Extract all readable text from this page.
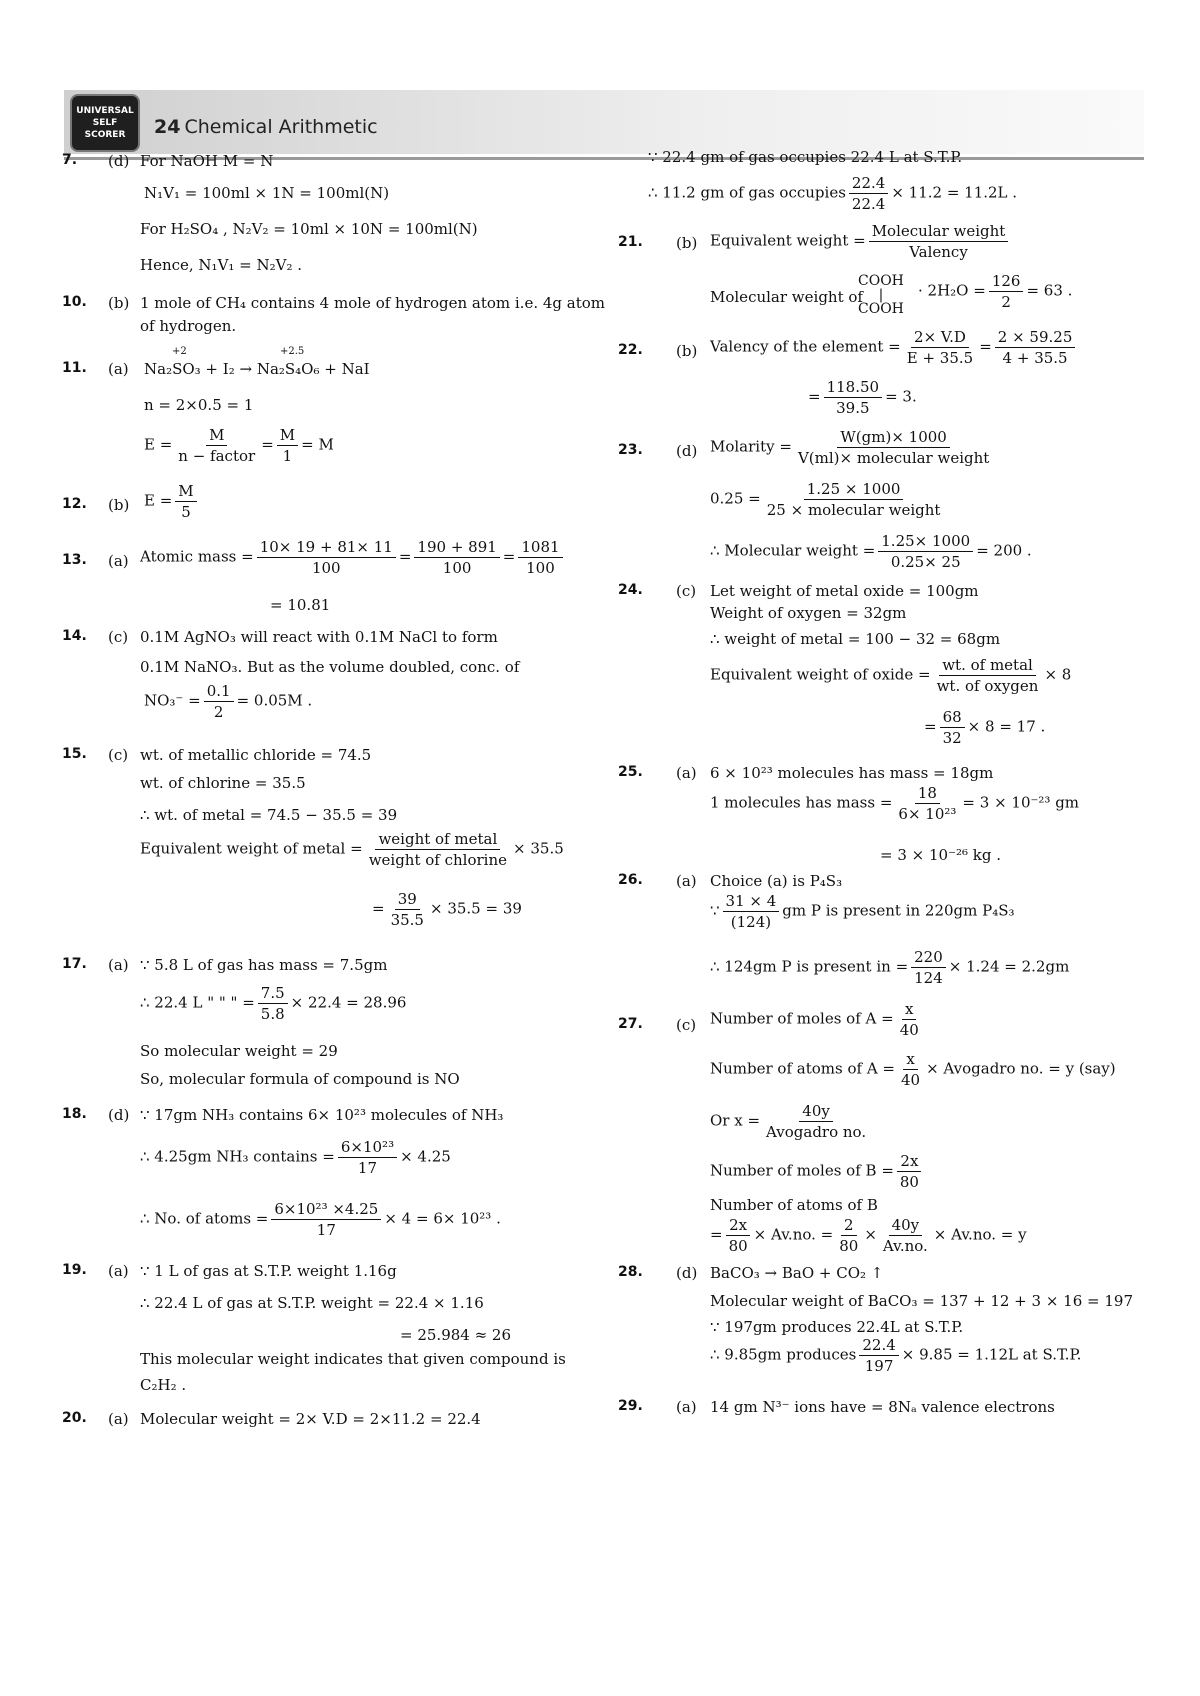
UNIVERSAL
SELF SCORER	24 Chemical Arithmetic
7. (d) For NaOH M = N
N₁V₁ = 100ml × 1N = 100ml(N)
For H₂SO₄ , N₂V₂ = 10ml × 10N = 100ml(N)
Hence, N₁V₁ = N₂V₂ .
10. (b) 1 mole of CH₄ contains 4 mole of hydrogen atom i.e. 4g atom
of hydrogen.
+2	+2.5
11. (a) Na₂SO₃ + I₂ → Na₂S₄O₆ + NaI
n = 2×0.5 = 1
$E = \frac{M}{\text{n − factor}} = \frac{M}{1} = M$
12. (b) $E = \frac{M}{5}$
13. (a) Atomic mass = $\frac{10\times 19 + 81\times 11}{100} = \frac{190 + 891}{100} = \frac{1081}{100}$
= 10.81
14. (c) 0.1M AgNO₃ will react with 0.1M NaCl to form
0.1M NaNO₃. But as the volume doubled, conc. of
$NO_3^- = \frac{0.1}{2} = 0.05M$ .
15. (c) wt. of metallic chloride = 74.5
wt. of chlorine = 35.5
∴ wt. of metal = 74.5 − 35.5 = 39
Equivalent weight of metal = $\frac{\text{weight of metal}}{\text{weight of chlorine}} \times 35.5$
= $\frac{39}{35.5} \times 35.5 = 39$
17. (a) ∵ 5.8 L of gas has mass = 7.5gm
∴ 22.4 L " " " = $\frac{7.5}{5.8} \times 22.4 = 28.96$
So molecular weight = 29
So, molecular formula of compound is NO
18. (d) ∵ 17gm NH₃ contains 6× 10²³ molecules of NH₃
∴ 4.25gm NH₃ contains = $\frac{\text{6×10²³}}{17} \times 4.25$
∴ No. of atoms = $\frac{\text{6×10²³ ×4.25}}{17} \times 4 = 6\times 10^{23}$ .
19. (a) ∵ 1 L of gas at S.T.P. weight 1.16g
∴ 22.4 L of gas at S.T.P. weight = 22.4 × 1.16
= 25.984 ≈ 26
This molecular weight indicates that given compound is
C₂H₂ .
20. (a) Molecular weight = 2× V.D = 2×11.2 = 22.4
∵ 22.4 gm of gas occupies 22.4 L at S.T.P.
∴ 11.2 gm of gas occupies $\frac{22.4}{22.4} \times 11.2 = 11.2L$ .
21. (b) Equivalent weight = $\frac{\text{Molecular weight}}{\text{Valency}}$
Molecular weight of
COOH
|
COOH
· $2H_2O = \frac{126}{2} = 63$ .
22. (b) Valency of the element = $\frac{2\times V.D}{E + 35.5} = \frac{2 \times 59.25}{4 + 35.5}$
= $\frac{118.50}{39.5} = 3$.
23. (d) Molarity = $\frac{W(gm)\times 1000}{\text{V(ml)× molecular weight}}$
$0.25 = \frac{1.25 \times 1000}{\text{25 × molecular weight}}$
∴ Molecular weight = $\frac{1.25\times 1000}{0.25\times 25} = 200$ .
24. (c) Let weight of metal oxide = 100gm
Weight of oxygen = 32gm
∴ weight of metal = 100 − 32 = 68gm
Equivalent weight of oxide = $\frac{\text{wt. of metal}}{\text{wt. of oxygen}} \times 8$
= $\frac{68}{32} \times 8 = 17$ .
25. (a) 6 × 10²³ molecules has mass = 18gm
1 molecules has mass = $\frac{18}{\text{6× 10²³}} = 3 \times 10^{-23}$ gm
= 3 × 10⁻²⁶ kg .
26. (a) Choice (a) is P₄S₃
∵ $\frac{31 \times 4}{(124)}$ gm P is present in 220gm P₄S₃
∴ 124gm P is present in = $\frac{220}{124} \times 1.24 = 2.2gm$
27. (c) Number of moles of $A = \frac{x}{40}$
Number of atoms of $A = \frac{x}{40}$ × Avogadro no. = y (say)
Or $x = \frac{40y}{\text{Avogadro no.}}$
Number of moles of $B = \frac{2x}{80}$
Number of atoms of B
= $\frac{2x}{80} \times Av.no$. = $\frac{2}{80} \times \frac{40y}{Av.no.} \times Av.no$. = y
28. (d) BaCO₃ → BaO + CO₂ ↑
Molecular weight of BaCO₃ = 137 + 12 + 3 × 16 = 197
∵ 197gm produces 22.4L at S.T.P.
∴ 9.85gm produces $\frac{22.4}{197} \times 9.85 = 1.12L$ at S.T.P.
29. (a) 14 gm N³⁻ ions have = 8Nₐ valence electrons
